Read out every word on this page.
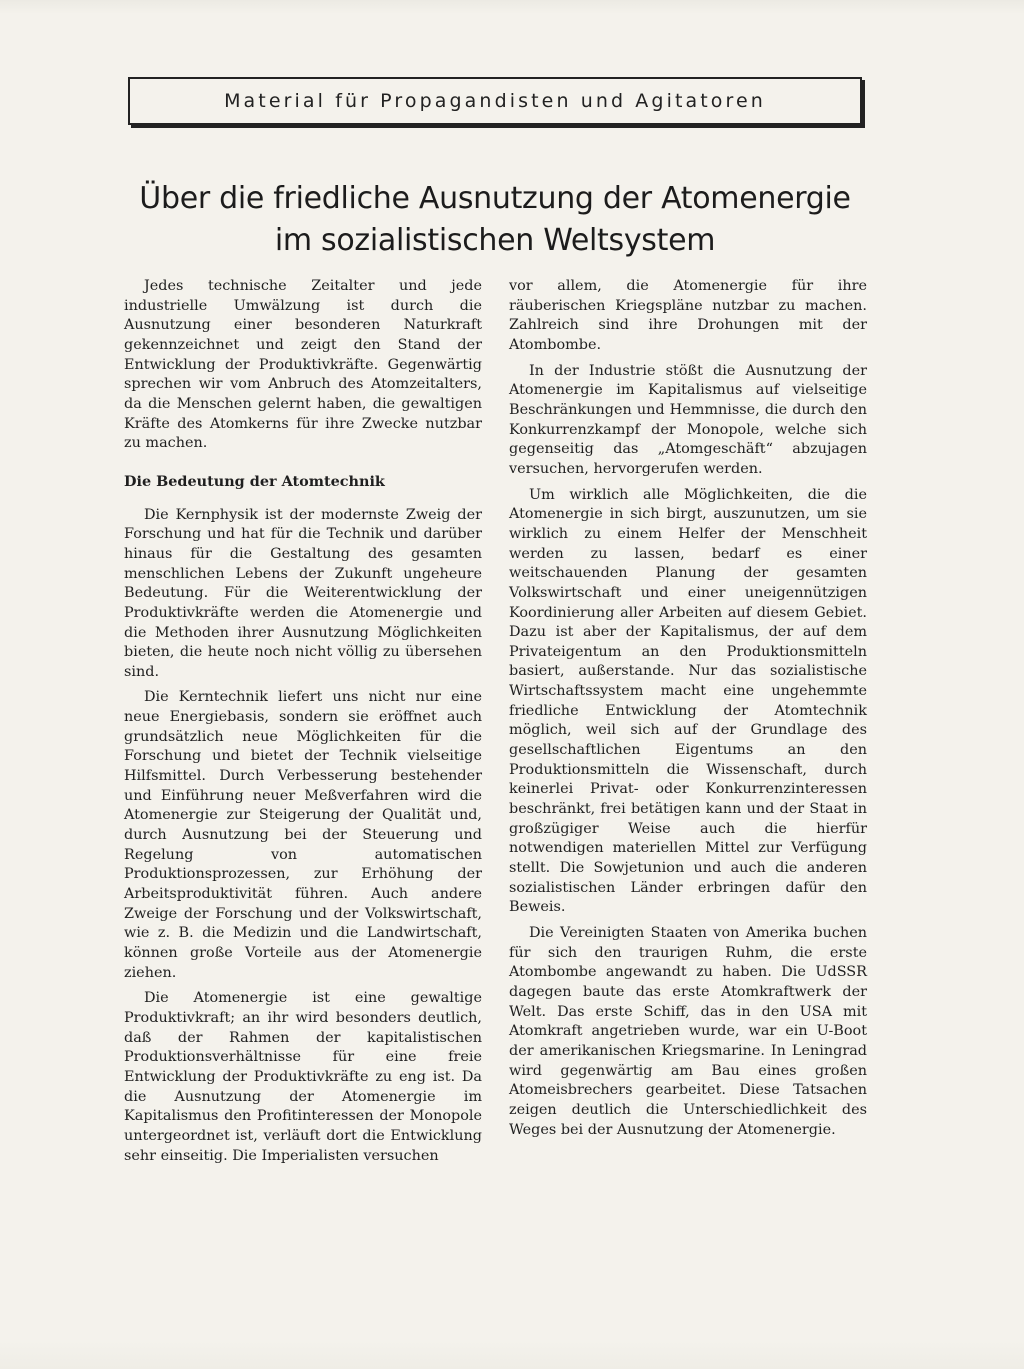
Material für Propagandisten und Agitatoren
Über die friedliche Ausnutzung der Atomenergie
im sozialistischen Weltsystem

Jedes technische Zeitalter und jede industrielle Umwälzung ist durch die Ausnutzung einer besonderen Naturkraft gekennzeichnet und zeigt den Stand der Entwicklung der Produktivkräfte. Gegenwärtig sprechen wir vom Anbruch des Atomzeitalters, da die Menschen gelernt haben, die gewaltigen Kräfte des Atomkerns für ihre Zwecke nutzbar zu machen.

Die Bedeutung der Atomtechnik

Die Kernphysik ist der modernste Zweig der Forschung und hat für die Technik und darüber hinaus für die Gestaltung des gesamten menschlichen Lebens der Zukunft ungeheure Bedeutung. Für die Weiterentwicklung der Produktivkräfte werden die Atomenergie und die Methoden ihrer Ausnutzung Möglichkeiten bieten, die heute noch nicht völlig zu übersehen sind.

Die Kerntechnik liefert uns nicht nur eine neue Energiebasis, sondern sie eröffnet auch grundsätzlich neue Möglichkeiten für die Forschung und bietet der Technik vielseitige Hilfsmittel. Durch Verbesserung bestehender und Einführung neuer Meßverfahren wird die Atomenergie zur Steigerung der Qualität und, durch Ausnutzung bei der Steuerung und Regelung von automatischen Produktionsprozessen, zur Erhöhung der Arbeitsproduktivität führen. Auch andere Zweige der Forschung und der Volkswirtschaft, wie z. B. die Medizin und die Landwirtschaft, können große Vorteile aus der Atomenergie ziehen.

Die Atomenergie ist eine gewaltige Produktivkraft; an ihr wird besonders deutlich, daß der Rahmen der kapitalistischen Produktionsverhältnisse für eine freie Entwicklung der Produktivkräfte zu eng ist. Da die Ausnutzung der Atomenergie im Kapitalismus den Profitinteressen der Monopole untergeordnet ist, verläuft dort die Entwicklung sehr einseitig. Die Imperialisten versuchen

vor allem, die Atomenergie für ihre räuberischen Kriegspläne nutzbar zu machen. Zahlreich sind ihre Drohungen mit der Atombombe.

In der Industrie stößt die Ausnutzung der Atomenergie im Kapitalismus auf vielseitige Beschränkungen und Hemmnisse, die durch den Konkurrenzkampf der Monopole, welche sich gegenseitig das „Atomgeschäft“ abzujagen versuchen, hervorgerufen werden.

Um wirklich alle Möglichkeiten, die die Atomenergie in sich birgt, auszunutzen, um sie wirklich zu einem Helfer der Menschheit werden zu lassen, bedarf es einer weitschauenden Planung der gesamten Volkswirtschaft und einer uneigennützigen Koordinierung aller Arbeiten auf diesem Gebiet. Dazu ist aber der Kapitalismus, der auf dem Privateigentum an den Produktionsmitteln basiert, außerstande. Nur das sozialistische Wirtschaftssystem macht eine ungehemmte friedliche Entwicklung der Atomtechnik möglich, weil sich auf der Grundlage des gesellschaftlichen Eigentums an den Produktionsmitteln die Wissenschaft, durch keinerlei Privat- oder Konkurrenzinteressen beschränkt, frei betätigen kann und der Staat in großzügiger Weise auch die hierfür notwendigen materiellen Mittel zur Verfügung stellt. Die Sowjetunion und auch die anderen sozialistischen Länder erbringen dafür den Beweis.

Die Vereinigten Staaten von Amerika buchen für sich den traurigen Ruhm, die erste Atombombe angewandt zu haben. Die UdSSR dagegen baute das erste Atomkraftwerk der Welt. Das erste Schiff, das in den USA mit Atomkraft angetrieben wurde, war ein U-Boot der amerikanischen Kriegsmarine. In Leningrad wird gegenwärtig am Bau eines großen Atomeisbrechers gearbeitet. Diese Tatsachen zeigen deutlich die Unterschiedlichkeit des Weges bei der Ausnutzung der Atomenergie.
